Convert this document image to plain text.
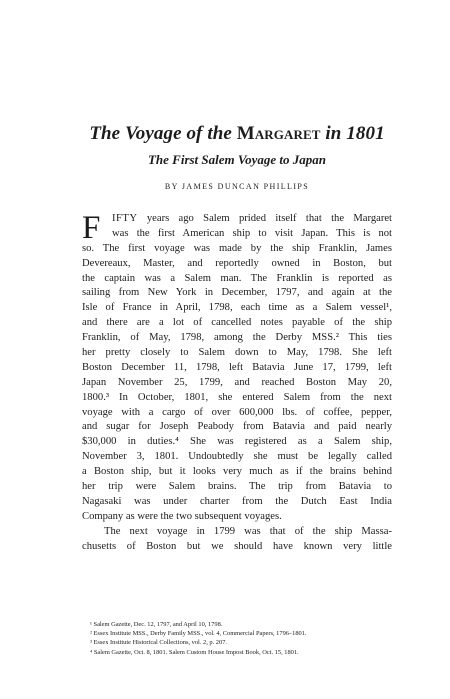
The Voyage of the Margaret in 1801
The First Salem Voyage to Japan
BY JAMES DUNCAN PHILLIPS
F	IFTY years ago Salem prided itself that the Margaret
was the first American ship to visit Japan. This is not
so. The first voyage was made by the ship Franklin, James
Devereaux, Master, and reportedly owned in Boston, but
the captain was a Salem man. The Franklin is reported as
sailing from New York in December, 1797, and again at the
Isle of France in April, 1798, each time as a Salem vessel¹,
and there are a lot of cancelled notes payable of the ship
Franklin, of May, 1798, among the Derby MSS.² This ties
her pretty closely to Salem down to May, 1798. She left
Boston December 11, 1798, left Batavia June 17, 1799, left
Japan November 25, 1799, and reached Boston May 20,
1800.³ In October, 1801, she entered Salem from the next
voyage with a cargo of over 600,000 lbs. of coffee, pepper,
and sugar for Joseph Peabody from Batavia and paid nearly
$30,000 in duties.⁴ She was registered as a Salem ship,
November 3, 1801. Undoubtedly she must be legally called
a Boston ship, but it looks very much as if the brains behind
her trip were Salem brains. The trip from Batavia to
Nagasaki was under charter from the Dutch East India
Company as were the two subsequent voyages.
The next voyage in 1799 was that of the ship Massa-
chusetts of Boston but we should have known very little
¹ Salem Gazette, Dec. 12, 1797, and April 10, 1798.
² Essex Institute MSS., Derby Family MSS., vol. 4, Commercial Papers, 1796–1801.
³ Essex Institute Historical Collections, vol. 2, p. 207.
⁴ Salem Gazette, Oct. 8, 1801. Salem Custom House Impost Book, Oct. 15, 1801.
